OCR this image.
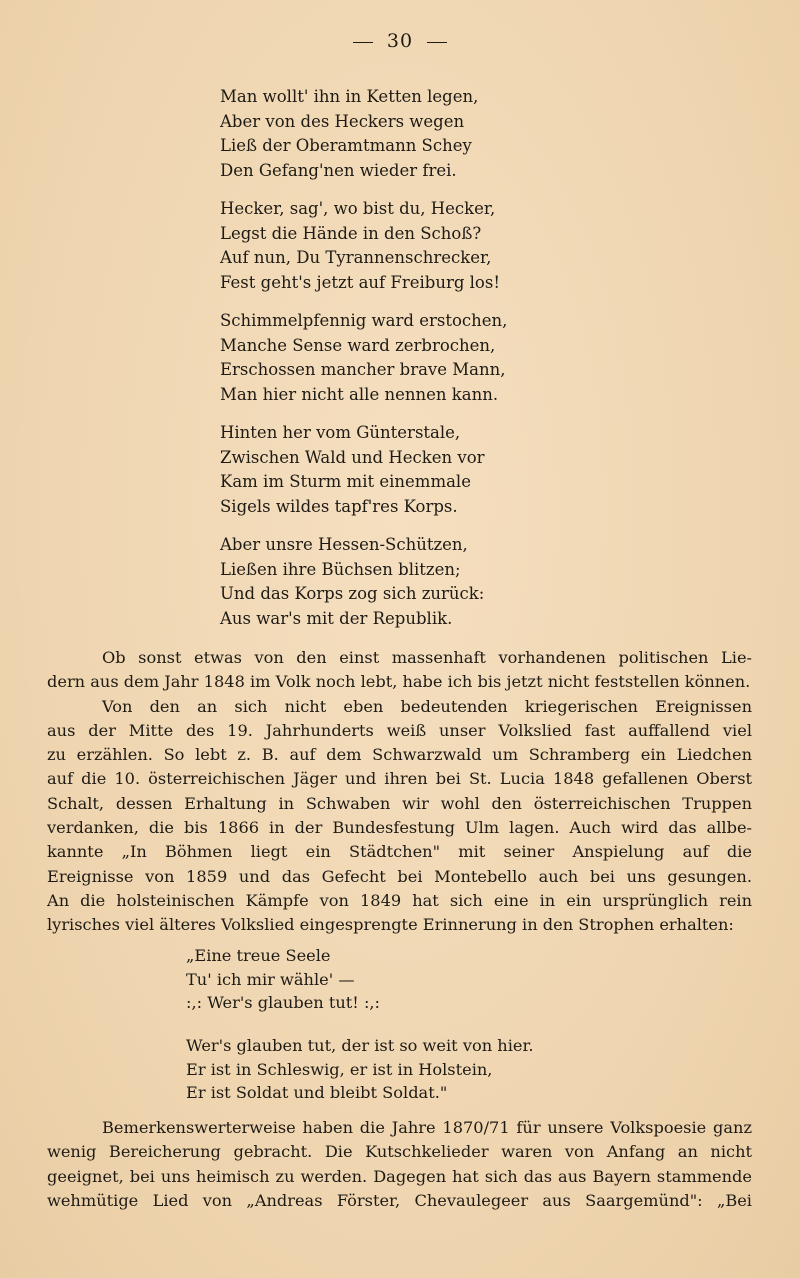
30
Man wollt' ihn in Ketten legen,
Aber von des Heckers wegen
Ließ der Oberamtmann Schey
Den Gefang'nen wieder frei.
Hecker, sag', wo bist du, Hecker,
Legst die Hände in den Schoß?
Auf nun, Du Tyrannenschrecker,
Fest geht's jetzt auf Freiburg los!
Schimmelpfennig ward erstochen,
Manche Sense ward zerbrochen,
Erschossen mancher brave Mann,
Man hier nicht alle nennen kann.
Hinten her vom Günterstale,
Zwischen Wald und Hecken vor
Kam im Sturm mit einemmale
Sigels wildes tapf'res Korps.
Aber unsre Hessen-Schützen,
Ließen ihre Büchsen blitzen;
Und das Korps zog sich zurück:
Aus war's mit der Republik.
Ob sonst etwas von den einst massenhaft vorhandenen politischen Lie-
dern aus dem Jahr 1848 im Volk noch lebt, habe ich bis jetzt nicht feststellen können.
Von den an sich nicht eben bedeutenden kriegerischen Ereignissen
aus der Mitte des 19. Jahrhunderts weiß unser Volkslied fast auffallend viel
zu erzählen. So lebt z. B. auf dem Schwarzwald um Schramberg ein Liedchen
auf die 10. österreichischen Jäger und ihren bei St. Lucia 1848 gefallenen Oberst
Schalt, dessen Erhaltung in Schwaben wir wohl den österreichischen Truppen
verdanken, die bis 1866 in der Bundesfestung Ulm lagen. Auch wird das allbe-
kannte „In Böhmen liegt ein Städtchen" mit seiner Anspielung auf die
Ereignisse von 1859 und das Gefecht bei Montebello auch bei uns gesungen.
An die holsteinischen Kämpfe von 1849 hat sich eine in ein ursprünglich rein
lyrisches viel älteres Volkslied eingesprengte Erinnerung in den Strophen erhalten:
„Eine treue Seele
Tu' ich mir wähle' —
:,: Wer's glauben tut! :,:
Wer's glauben tut, der ist so weit von hier.
Er ist in Schleswig, er ist in Holstein,
Er ist Soldat und bleibt Soldat."
Bemerkenswerterweise haben die Jahre 1870/71 für unsere Volkspoesie ganz
wenig Bereicherung gebracht. Die Kutschkelieder waren von Anfang an nicht
geeignet, bei uns heimisch zu werden. Dagegen hat sich das aus Bayern stammende
wehmütige Lied von „Andreas Förster, Chevaulegeer aus Saargemünd": „Bei
